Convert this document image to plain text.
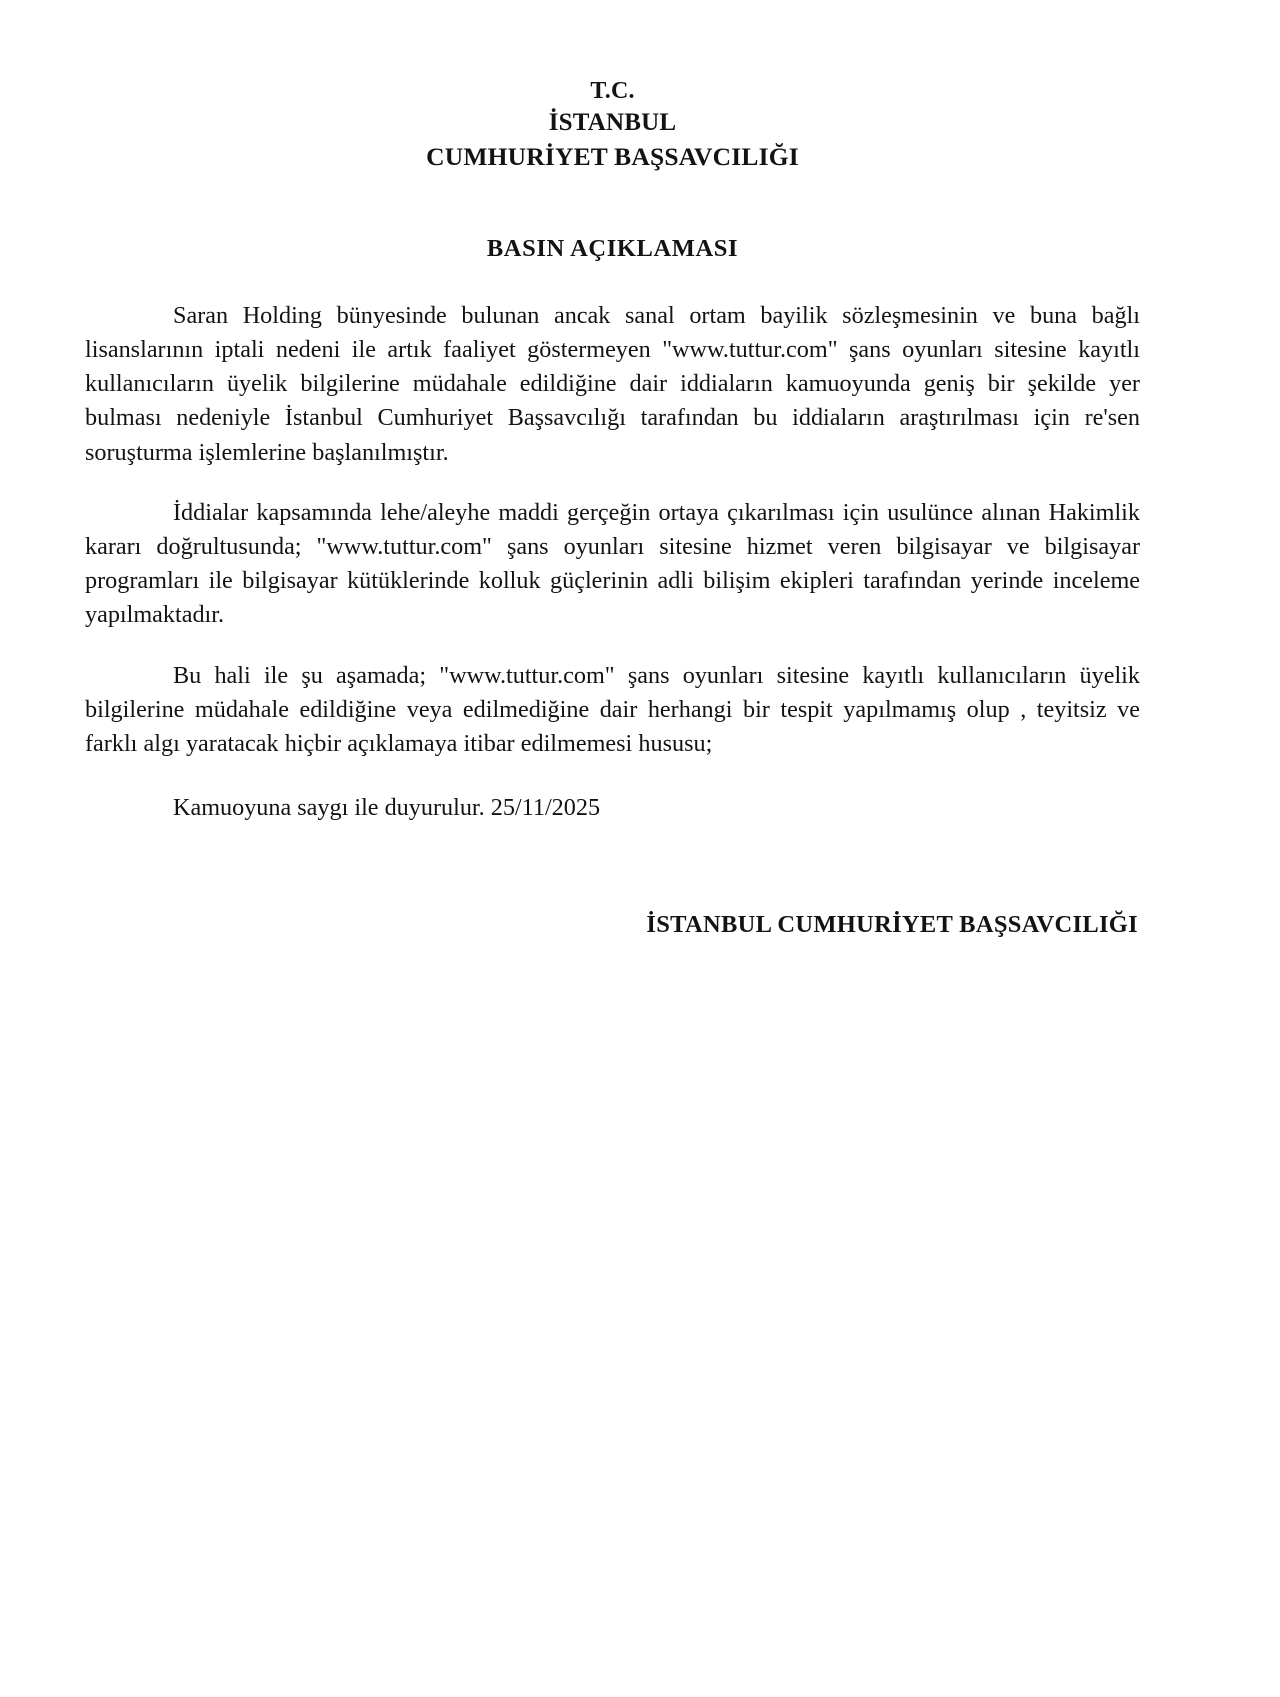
T.C.
İSTANBUL
CUMHURİYET BAŞSAVCILIĞI
BASIN AÇIKLAMASI

Saran Holding bünyesinde bulunan ancak sanal ortam bayilik sözleşmesinin ve buna bağlı lisanslarının iptali nedeni ile artık faaliyet göstermeyen "www.tuttur.com" şans oyunları sitesine kayıtlı kullanıcıların üyelik bilgilerine müdahale edildiğine dair iddiaların kamuoyunda geniş bir şekilde yer bulması nedeniyle İstanbul Cumhuriyet Başsavcılığı tarafından bu iddiaların araştırılması için re'sen soruşturma işlemlerine başlanılmıştır.

İddialar kapsamında lehe/aleyhe maddi gerçeğin ortaya çıkarılması için usulünce alınan Hakimlik kararı doğrultusunda; "www.tuttur.com" şans oyunları sitesine hizmet veren bilgisayar ve bilgisayar programları ile bilgisayar kütüklerinde kolluk güçlerinin adli bilişim ekipleri tarafından yerinde inceleme yapılmaktadır.

Bu hali ile şu aşamada; "www.tuttur.com" şans oyunları sitesine kayıtlı kullanıcıların üyelik bilgilerine müdahale edildiğine veya edilmediğine dair herhangi bir tespit yapılmamış olup , teyitsiz ve farklı algı yaratacak hiçbir açıklamaya itibar edilmemesi hususu;

Kamuoyuna saygı ile duyurulur. 25/11/2025

İSTANBUL CUMHURİYET BAŞSAVCILIĞI
